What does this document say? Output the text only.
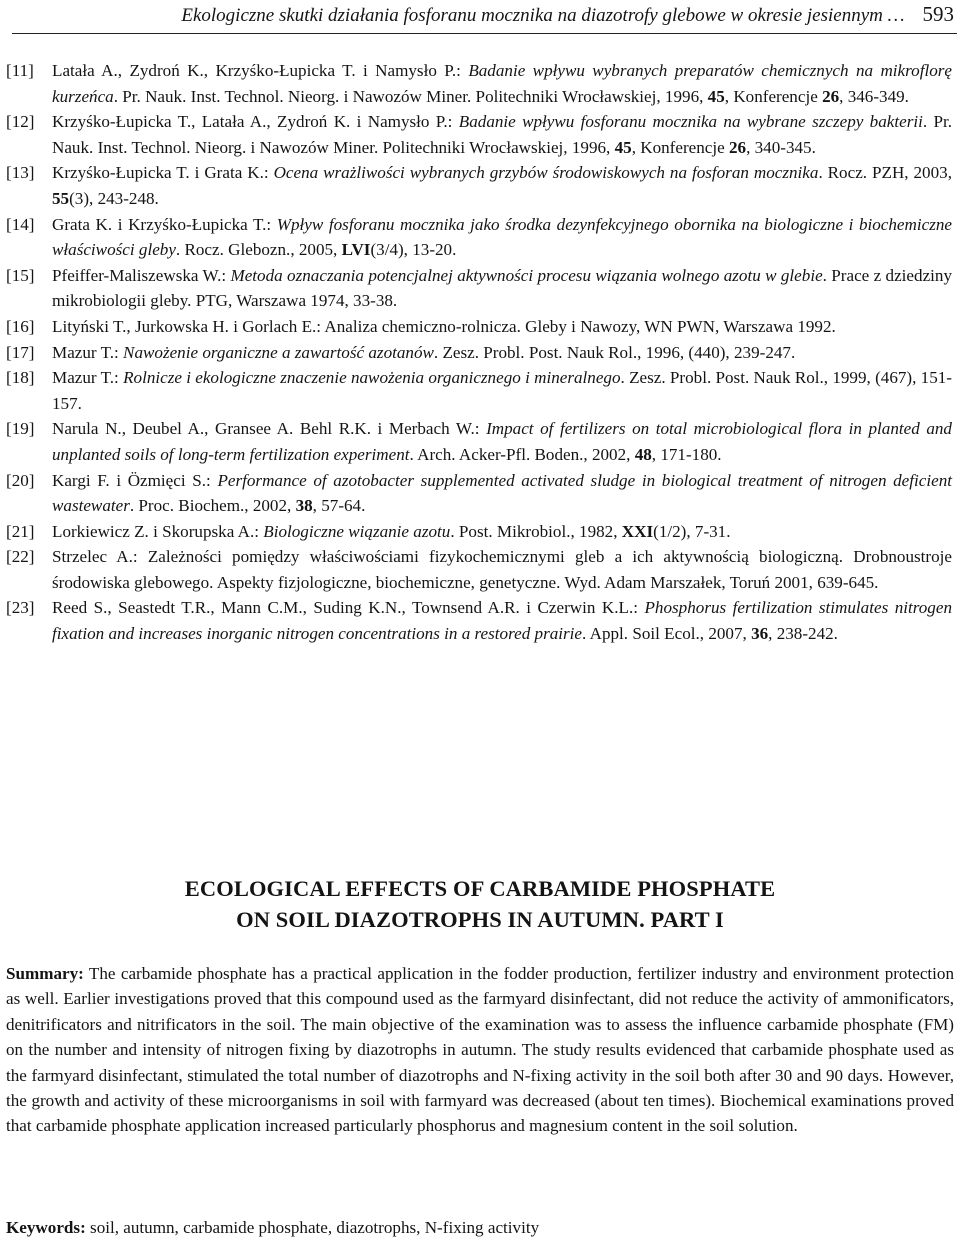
Ekologiczne skutki działania fosforanu mocznika na diazotrofy glebowe w okresie jesiennym … 593
[11]	Latała A., Zydroń K., Krzyśko-Łupicka T. i Namysło P.: Badanie wpływu wybranych preparatów chemicznych na mikroflorę kurzeńca. Pr. Nauk. Inst. Technol. Nieorg. i Nawozów Miner. Politechniki Wrocławskiej, 1996, 45, Konferencje 26, 346-349.
[12]	Krzyśko-Łupicka T., Latała A., Zydroń K. i Namysło P.: Badanie wpływu fosforanu mocznika na wybrane szczepy bakterii. Pr. Nauk. Inst. Technol. Nieorg. i Nawozów Miner. Politechniki Wrocławskiej, 1996, 45, Konferencje 26, 340-345.
[13]	Krzyśko-Łupicka T. i Grata K.: Ocena wrażliwości wybranych grzybów środowiskowych na fosforan mocznika. Rocz. PZH, 2003, 55(3), 243-248.
[14]	Grata K. i Krzyśko-Łupicka T.: Wpływ fosforanu mocznika jako środka dezynfekcyjnego obornika na biologiczne i biochemiczne właściwości gleby. Rocz. Glebozn., 2005, LVI(3/4), 13-20.
[15]	Pfeiffer-Maliszewska W.: Metoda oznaczania potencjalnej aktywności procesu wiązania wolnego azotu w glebie. Prace z dziedziny mikrobiologii gleby. PTG, Warszawa 1974, 33-38.
[16]	Lityński T., Jurkowska H. i Gorlach E.: Analiza chemiczno-rolnicza. Gleby i Nawozy, WN PWN, Warszawa 1992.
[17]	Mazur T.: Nawożenie organiczne a zawartość azotanów. Zesz. Probl. Post. Nauk Rol., 1996, (440), 239-247.
[18]	Mazur T.: Rolnicze i ekologiczne znaczenie nawożenia organicznego i mineralnego. Zesz. Probl. Post. Nauk Rol., 1999, (467), 151-157.
[19]	Narula N., Deubel A., Gransee A. Behl R.K. i Merbach W.: Impact of fertilizers on total microbiological flora in planted and unplanted soils of long-term fertilization experiment. Arch. Acker-Pfl. Boden., 2002, 48, 171-180.
[20]	Kargi F. i Özmięci S.: Performance of azotobacter supplemented activated sludge in biological treatment of nitrogen deficient wastewater. Proc. Biochem., 2002, 38, 57-64.
[21]	Lorkiewicz Z. i Skorupska A.: Biologiczne wiązanie azotu. Post. Mikrobiol., 1982, XXI(1/2), 7-31.
[22]	Strzelec A.: Zależności pomiędzy właściwościami fizykochemicznymi gleb a ich aktywnością biologiczną. Drobnoustroje środowiska glebowego. Aspekty fizjologiczne, biochemiczne, genetyczne. Wyd. Adam Marszałek, Toruń 2001, 639-645.
[23]	Reed S., Seastedt T.R., Mann C.M., Suding K.N., Townsend A.R. i Czerwin K.L.: Phosphorus fertilization stimulates nitrogen fixation and increases inorganic nitrogen concentrations in a restored prairie. Appl. Soil Ecol., 2007, 36, 238-242.
ECOLOGICAL EFFECTS OF CARBAMIDE PHOSPHATE
ON SOIL DIAZOTROPHS IN AUTUMN. PART I
Summary: The carbamide phosphate has a practical application in the fodder production, fertilizer industry and environment protection as well. Earlier investigations proved that this compound used as the farmyard disinfectant, did not reduce the activity of ammonificators, denitrificators and nitrificators in the soil. The main objective of the examination was to assess the influence carbamide phosphate (FM) on the number and intensity of nitrogen fixing by diazotrophs in autumn. The study results evidenced that carbamide phosphate used as the farmyard disinfectant, stimulated the total number of diazotrophs and N-fixing activity in the soil both after 30 and 90 days. However, the growth and activity of these microorganisms in soil with farmyard was decreased (about ten times). Biochemical examinations proved that carbamide phosphate application increased particularly phosphorus and magnesium content in the soil solution.
Keywords: soil, autumn, carbamide phosphate, diazotrophs, N-fixing activity
